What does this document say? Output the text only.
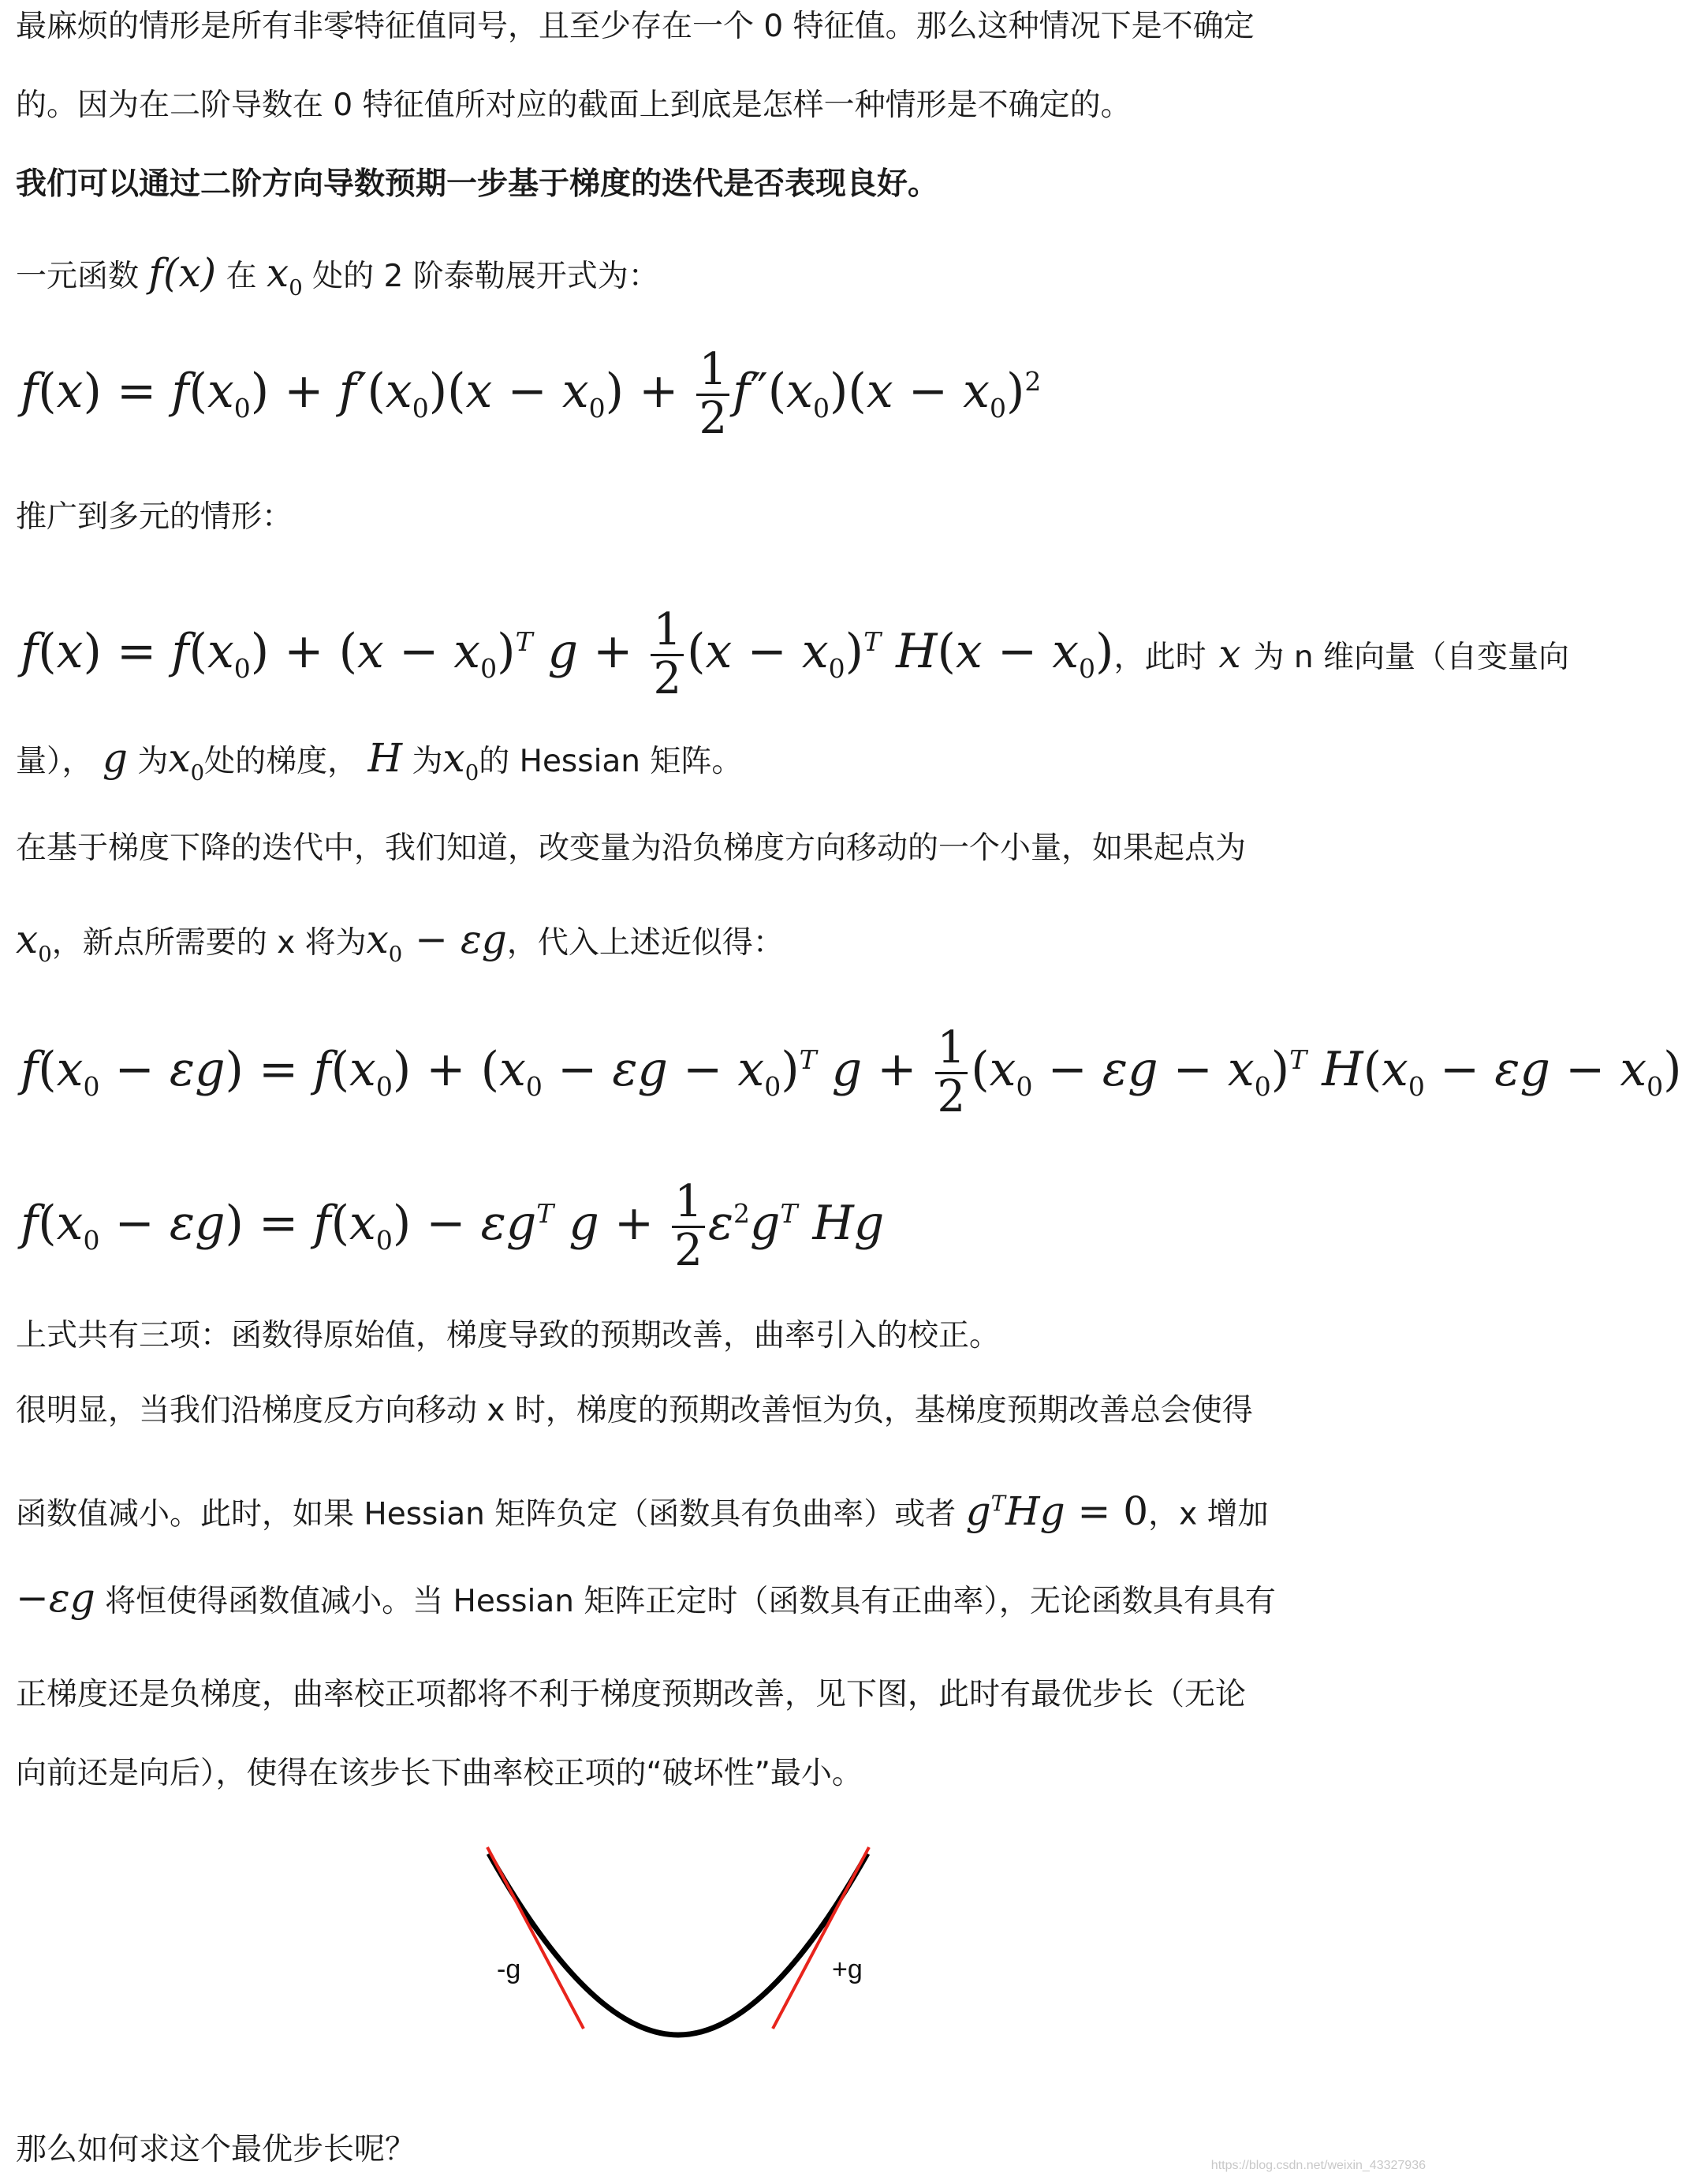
最麻烦的情形是所有非零特征值同号，且至少存在一个 0 特征值。那么这种情况下是不确定
的。因为在二阶导数在 0 特征值所对应的截面上到底是怎样一种情形是不确定的。
我们可以通过二阶方向导数预期一步基于梯度的迭代是否表现良好。
一元函数 f(x) 在 $x_0$ 处的 2 阶泰勒展开式为：
$f(x) = f(x_0) + f'(x_0)(x - x_0) + \frac{1}{2} f''(x_0)(x - x_0)^2$
推广到多元的情形：
$f(x) = f(x_0) + (x - x_0)^T$ $g + \frac{1}{2} (x - x_0)^T$ $H(x - x_0)$，此时 x 为 n 维向量（自变量向
量）， g 为$x_0$处的梯度， H 为$x_0$的 Hessian 矩阵。
在基于梯度下降的迭代中，我们知道，改变量为沿负梯度方向移动的一个小量，如果起点为
$x_0$，新点所需要的 x 将为$x_0 - \varepsilon g$，代入上述近似得：
$f(x_0 - \varepsilon g) = f(x_0) + (x_0 - \varepsilon g - x_0)^T$ $g + \frac{1}{2} (x_0 - \varepsilon g - x_0)^T$ $H(x_0 - \varepsilon g - x_0)$
$f(x_0 - \varepsilon g) = f(x_0) - \varepsilon g^T$ $g + \frac{1}{2} \varepsilon^2g^T$ Hg
上式共有三项：函数得原始值，梯度导致的预期改善，曲率引入的校正。
很明显，当我们沿梯度反方向移动 x 时，梯度的预期改善恒为负，基梯度预期改善总会使得
函数值减小。此时，如果 Hessian 矩阵负定（函数具有负曲率）或者 $g^THg = 0$，x 增加
−εg 将恒使得函数值减小。当 Hessian 矩阵正定时（函数具有正曲率），无论函数具有具有
正梯度还是负梯度，曲率校正项都将不利于梯度预期改善，见下图，此时有最优步长（无论
向前还是向后），使得在该步长下曲率校正项的“破坏性”最小。
-g	+g
那么如何求这个最优步长呢？	https://blog.csdn.net/weixin_43327936
